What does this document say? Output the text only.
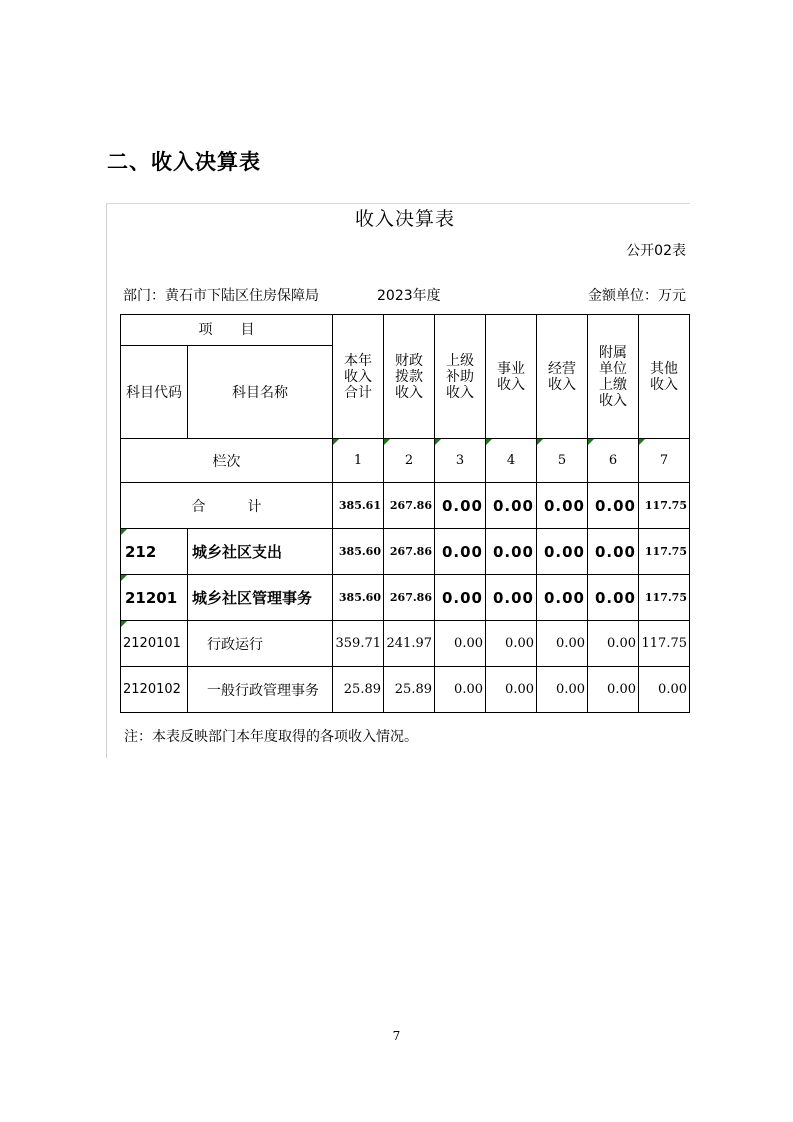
二、收入决算表
收入决算表
公开02表
部门：黄石市下陆区住房保障局	2023年度	金额单位：万元
项　　目		本年收入合计	财政拨款收入	上级补助收入	事业收入	经营收入	附属单位上缴收入	其他收入
科目代码	科目名称							
栏次		1	2	3	4	5	6	7
合　　　计		385.61	267.86	0.00	0.00	0.00	0.00	117.75
212	城乡社区支出	385.60	267.86	0.00	0.00	0.00	0.00	117.75
21201	城乡社区管理事务	385.60	267.86	0.00	0.00	0.00	0.00	117.75
2120101	行政运行	359.71	241.97	0.00	0.00	0.00	0.00	117.75
2120102	一般行政管理事务	25.89	25.89	0.00	0.00	0.00	0.00	0.00
注：本表反映部门本年度取得的各项收入情况。
7
